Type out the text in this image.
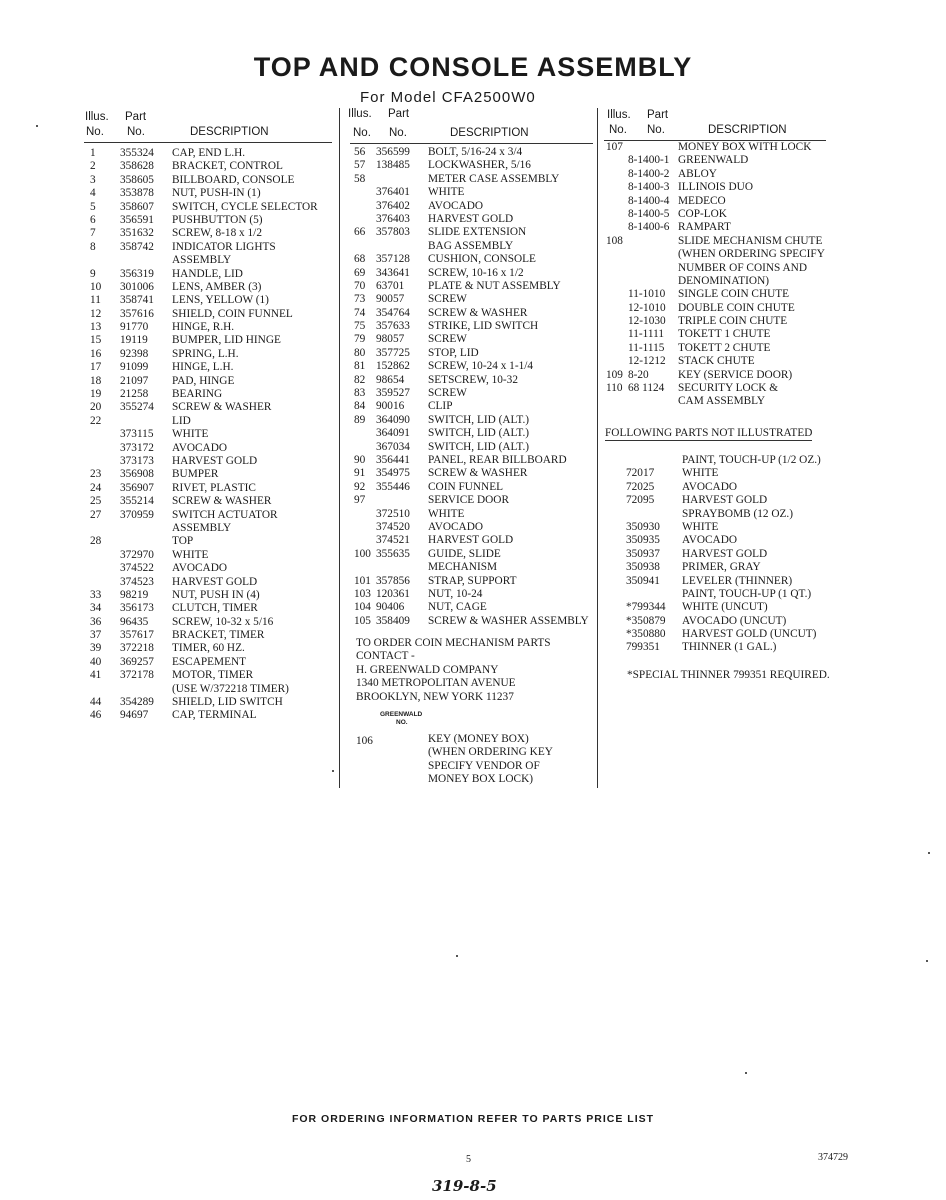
TOP AND CONSOLE ASSEMBLY
For Model CFA2500W0
Illus. Part
No. No.	DESCRIPTION
Illus. Part
No. No.	DESCRIPTION
Illus. Part
No. No.	DESCRIPTION
1 355324 CAP, END L.H.
2 358628 BRACKET, CONTROL
3 358605 BILLBOARD, CONSOLE
4 353878 NUT, PUSH-IN (1)
5 358607 SWITCH, CYCLE SELECTOR
6 356591 PUSHBUTTON (5)
7 351632 SCREW, 8-18 x 1/2
8 358742 INDICATOR LIGHTS
ASSEMBLY
9 356319 HANDLE, LID
10 301006 LENS, AMBER (3)
11 358741 LENS, YELLOW (1)
12 357616 SHIELD, COIN FUNNEL
13 91770 HINGE, R.H.
15 19119 BUMPER, LID HINGE
16 92398 SPRING, L.H.
17 91099 HINGE, L.H.
18 21097 PAD, HINGE
19 21258 BEARING
20 355274 SCREW & WASHER
22	LID
373115 WHITE
373172 AVOCADO
373173 HARVEST GOLD
23 356908 BUMPER
24 356907 RIVET, PLASTIC
25 355214 SCREW & WASHER
27 370959 SWITCH ACTUATOR
ASSEMBLY
28	TOP
372970 WHITE
374522 AVOCADO
374523 HARVEST GOLD
33 98219 NUT, PUSH IN (4)
34 356173 CLUTCH, TIMER
36 96435 SCREW, 10-32 x 5/16
37 357617 BRACKET, TIMER
39 372218 TIMER, 60 HZ.
40 369257 ESCAPEMENT
41 372178 MOTOR, TIMER
(USE W/372218 TIMER)
44 354289 SHIELD, LID SWITCH
46 94697 CAP, TERMINAL
56 356599 BOLT, 5/16-24 x 3/4
57 138485 LOCKWASHER, 5/16
58	METER CASE ASSEMBLY
376401 WHITE
376402 AVOCADO
376403 HARVEST GOLD
66 357803 SLIDE EXTENSION
BAG ASSEMBLY
68 357128 CUSHION, CONSOLE
69 343641 SCREW, 10-16 x 1/2
70 63701 PLATE & NUT ASSEMBLY
73 90057 SCREW
74 354764 SCREW & WASHER
75 357633 STRIKE, LID SWITCH
79 98057 SCREW
80 357725 STOP, LID
81 152862 SCREW, 10-24 x 1-1/4
82 98654 SETSCREW, 10-32
83 359527 SCREW
84 90016 CLIP
89 364090 SWITCH, LID (ALT.)
364091 SWITCH, LID (ALT.)
367034 SWITCH, LID (ALT.)
90 356441 PANEL, REAR BILLBOARD
91 354975 SCREW & WASHER
92 355446 COIN FUNNEL
97	SERVICE DOOR
372510 WHITE
374520 AVOCADO
374521 HARVEST GOLD
100 355635 GUIDE, SLIDE
MECHANISM
101 357856 STRAP, SUPPORT
103 120361 NUT, 10-24
104 90406 NUT, CAGE
105 358409 SCREW & WASHER ASSEMBLY
TO ORDER COIN MECHANISM PARTS
CONTACT -
H. GREENWALD COMPANY
1340 METROPOLITAN AVENUE
BROOKLYN, NEW YORK 11237
GREENWALD
NO.
106	KEY (MONEY BOX)
(WHEN ORDERING KEY
SPECIFY VENDOR OF
MONEY BOX LOCK)
107	MONEY BOX WITH LOCK
8-1400-1 GREENWALD
8-1400-2 ABLOY
8-1400-3 ILLINOIS DUO
8-1400-4 MEDECO
8-1400-5 COP-LOK
8-1400-6 RAMPART
108	SLIDE MECHANISM CHUTE
(WHEN ORDERING SPECIFY
NUMBER OF COINS AND
DENOMINATION)
11-1010 SINGLE COIN CHUTE
12-1010 DOUBLE COIN CHUTE
12-1030 TRIPLE COIN CHUTE
11-1111 TOKETT 1 CHUTE
11-1115 TOKETT 2 CHUTE
12-1212 STACK CHUTE
109 8-20	KEY (SERVICE DOOR)
110 68 1124 SECURITY LOCK &
CAM ASSEMBLY
FOLLOWING PARTS NOT ILLUSTRATED
PAINT, TOUCH-UP (1/2 OZ.)
72017 WHITE
72025 AVOCADO
72095 HARVEST GOLD
SPRAYBOMB (12 OZ.)
350930 WHITE
350935 AVOCADO
350937 HARVEST GOLD
350938 PRIMER, GRAY
350941 LEVELER (THINNER)
PAINT, TOUCH-UP (1 QT.)
*799344 WHITE (UNCUT)
*350879 AVOCADO (UNCUT)
*350880 HARVEST GOLD (UNCUT)
799351 THINNER (1 GAL.)
*SPECIAL THINNER 799351 REQUIRED.
FOR ORDERING INFORMATION REFER TO PARTS PRICE LIST
5	374729
319-8-5
